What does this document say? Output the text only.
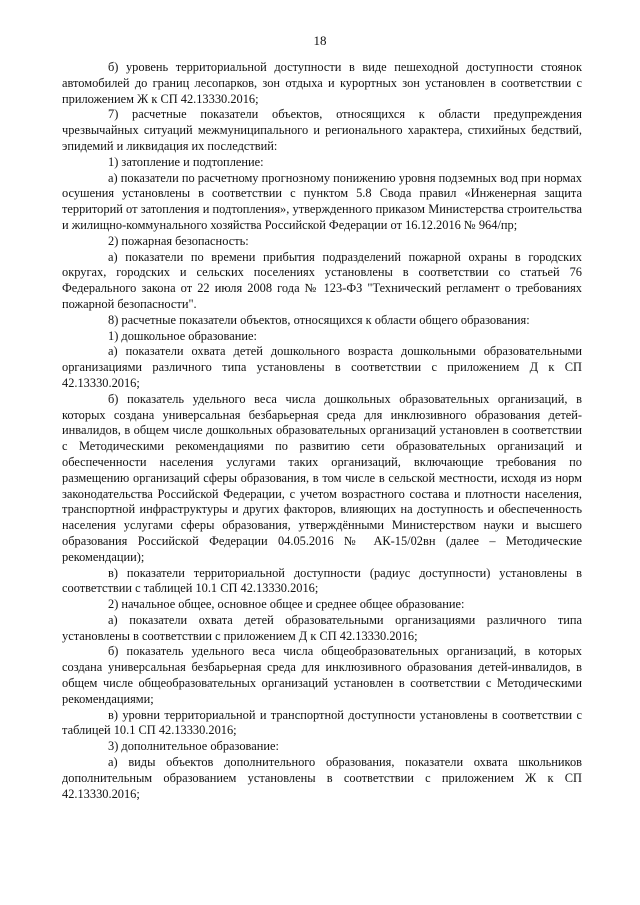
18

б) уровень территориальной доступности в виде пешеходной доступности стоянок автомобилей до границ лесопарков, зон отдыха и курортных зон установлен в соответствии с приложением Ж к СП 42.13330.2016;

7) расчетные показатели объектов, относящихся к области предупреждения чрезвычайных ситуаций межмуниципального и регионального характера, стихийных бедствий, эпидемий и ликвидация их последствий:

1) затопление и подтопление:

а) показатели по расчетному прогнозному понижению уровня подземных вод при нормах осушения установлены в соответствии с пунктом 5.8 Свода правил «Инженерная защита территорий от затопления и подтопления», утвержденного приказом Министерства строительства и жилищно-коммунального хозяйства Российской Федерации от 16.12.2016 № 964/пр;

2) пожарная безопасность:

а) показатели по времени прибытия подразделений пожарной охраны в городских округах, городских и сельских поселениях установлены в соответствии со статьей 76 Федерального закона от 22 июля 2008 года № 123-ФЗ "Технический регламент о требованиях пожарной безопасности".

8) расчетные показатели объектов, относящихся к области общего образования:

1) дошкольное образование:

а) показатели охвата детей дошкольного возраста дошкольными образовательными организациями различного типа установлены в соответствии с приложением Д к СП 42.13330.2016;

б) показатель удельного веса числа дошкольных образовательных организаций, в которых создана универсальная безбарьерная среда для инклюзивного образования детей-инвалидов, в общем числе дошкольных образовательных организаций установлен в соответствии с Методическими рекомендациями по развитию сети образовательных организаций и обеспеченности населения услугами таких организаций, включающие требования по размещению организаций сферы образования, в том числе в сельской местности, исходя из норм законодательства Российской Федерации, с учетом возрастного состава и плотности населения, транспортной инфраструктуры и других факторов, влияющих на доступность и обеспеченность населения услугами сферы образования, утверждёнными Министерством науки и высшего образования Российской Федерации 04.05.2016 № АК-15/02вн (далее – Методические рекомендации);

в) показатели территориальной доступности (радиус доступности) установлены в соответствии с таблицей 10.1 СП 42.13330.2016;

2) начальное общее, основное общее и среднее общее образование:

а) показатели охвата детей образовательными организациями различного типа установлены в соответствии с приложением Д к СП 42.13330.2016;

б) показатель удельного веса числа общеобразовательных организаций, в которых создана универсальная безбарьерная среда для инклюзивного образования детей-инвалидов, в общем числе общеобразовательных организаций установлен в соответствии с Методическими рекомендациями;

в) уровни территориальной и транспортной доступности установлены в соответствии с таблицей 10.1 СП 42.13330.2016;

3) дополнительное образование:

а) виды объектов дополнительного образования, показатели охвата школьников дополнительным образованием установлены в соответствии с приложением Ж к СП 42.13330.2016;
